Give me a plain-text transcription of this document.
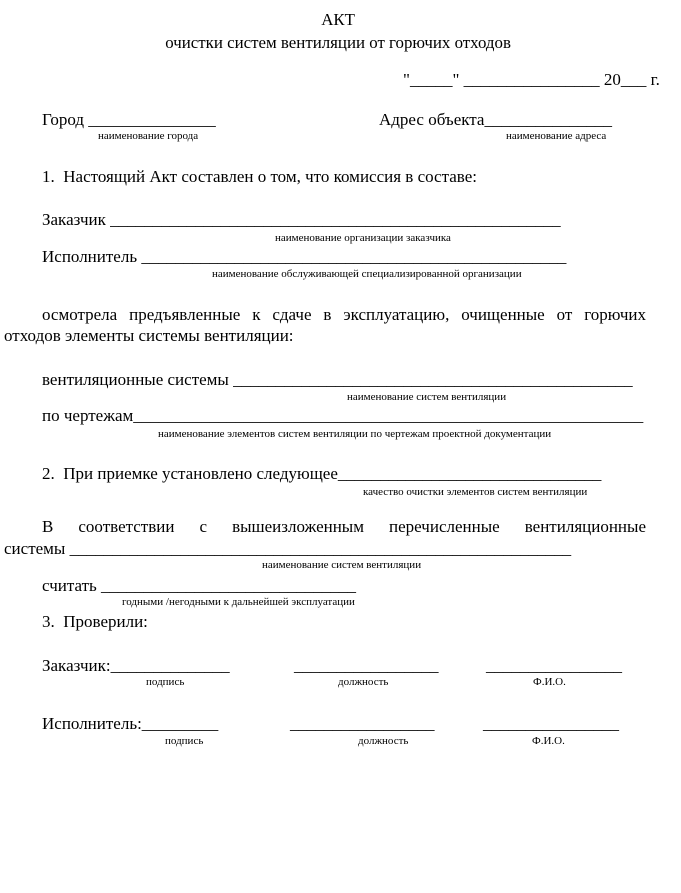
АКТ
очистки систем вентиляции от горючих отходов
"_____" ________________ 20___ г.
Город _______________
наименование города
Адрес объекта_______________
наименование адреса
1.  Настоящий Акт составлен о том, что комиссия в составе:
Заказчик _____________________________________________________
наименование организации заказчика
Исполнитель __________________________________________________
наименование обслуживающей специализированной организации
осмотрела предъявленные к сдаче в эксплуатацию, очищенные от горючих
отходов элементы системы вентиляции:
вентиляционные системы _______________________________________________
наименование систем вентиляции
по чертежам____________________________________________________________
наименование элементов систем вентиляции по чертежам проектной документации
2.  При приемке установлено следующее_______________________________
качество очистки элементов систем вентиляции
В соответствии с вышеизложенным перечисленные вентиляционные
системы ___________________________________________________________
наименование систем вентиляции
считать ______________________________
годными /негодными к дальнейшей эксплуатации
3.  Проверили:
Заказчик:______________	_________________	________________
подпись	должность	Ф.И.О.
Исполнитель:_________	_________________	________________
подпись	должность	Ф.И.О.
